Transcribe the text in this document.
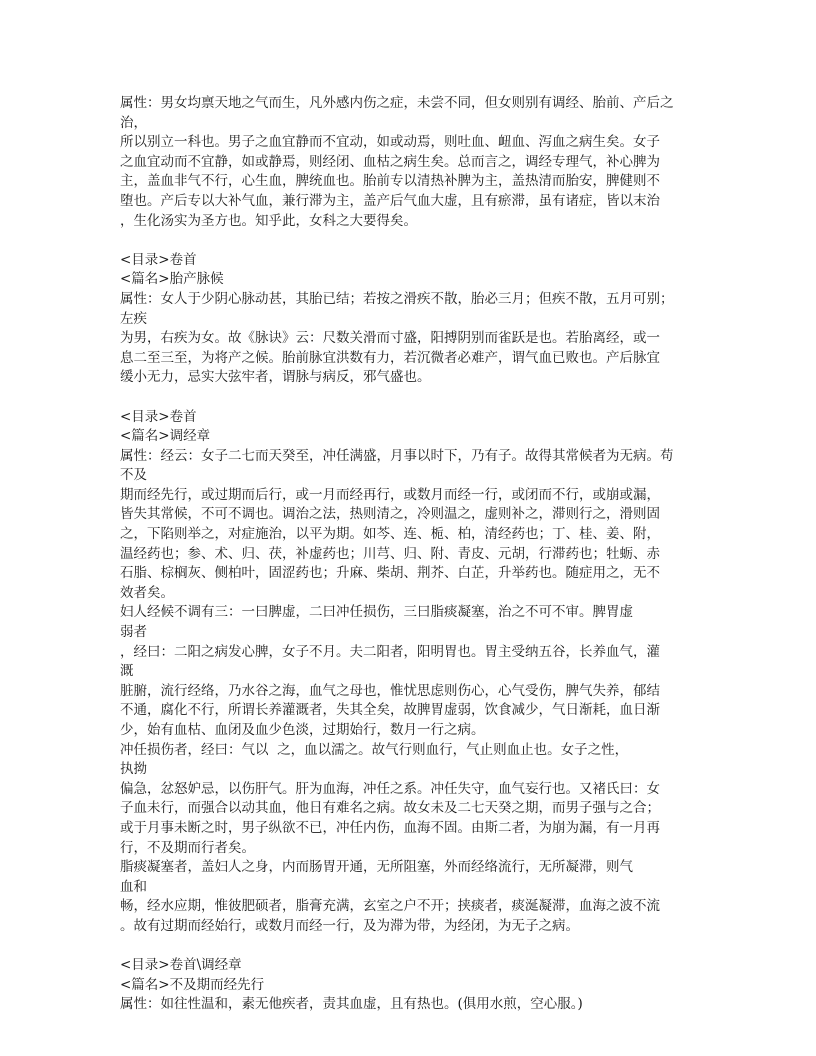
属性：男女均禀天地之气而生，凡外感内伤之症，未尝不同，但女则别有调经、胎前、产后之
治，
所以别立一科也。男子之血宜静而不宜动，如或动焉，则吐血、衄血、泻血之病生矣。女子
之血宜动而不宜静，如或静焉，则经闭、血枯之病生矣。总而言之，调经专理气，补心脾为
主，盖血非气不行，心生血，脾统血也。胎前专以清热补脾为主，盖热清而胎安，脾健则不
堕也。产后专以大补气血，兼行滞为主，盖产后气血大虚，且有瘀滞，虽有诸症，皆以末治
，生化汤实为圣方也。知乎此，女科之大要得矣。
<目录>卷首
<篇名>胎产脉候
属性：女人于少阴心脉动甚，其胎已结；若按之滑疾不散，胎必三月；但疾不散，五月可别；
左疾
为男，右疾为女。故《脉诀》云：尺数关滑而寸盛，阳搏阴别而雀跃是也。若胎离经，或一
息二至三至，为将产之候。胎前脉宜洪数有力，若沉微者必难产，谓气血已败也。产后脉宜
缓小无力，忌实大弦牢者，谓脉与病反，邪气盛也。
<目录>卷首
<篇名>调经章
属性：经云：女子二七而天癸至，冲任满盛，月事以时下，乃有子。故得其常候者为无病。苟
不及
期而经先行，或过期而后行，或一月而经再行，或数月而经一行，或闭而不行，或崩或漏，
皆失其常候，不可不调也。调治之法，热则清之，冷则温之，虚则补之，滞则行之，滑则固
之，下陷则举之，对症施治，以平为期。如芩、连、栀、柏，清经药也；丁、桂、姜、附，
温经药也；参、术、归、茯，补虚药也；川芎、归、附、青皮、元胡，行滞药也；牡蛎、赤
石脂、棕榈灰、侧柏叶，固涩药也；升麻、柴胡、荆芥、白芷，升举药也。随症用之，无不
效者矣。
妇人经候不调有三：一曰脾虚，二曰冲任损伤，三曰脂痰凝塞，治之不可不审。脾胃虚
弱者
，经曰：二阳之病发心脾，女子不月。夫二阳者，阳明胃也。胃主受纳五谷，长养血气，灌
溉
脏腑，流行经络，乃水谷之海，血气之母也，惟忧思虑则伤心，心气受伤，脾气失养，郁结
不通，腐化不行，所谓长养灌溉者，失其全矣，故脾胃虚弱，饮食减少，气日渐耗，血日渐
少，始有血枯、血闭及血少色淡，过期始行，数月一行之病。
冲任损伤者，经曰：气以  之，血以濡之。故气行则血行，气止则血止也。女子之性，
执拗
偏急，忿怒妒忌，以伤肝气。肝为血海，冲任之系。冲任失守，血气妄行也。又褚氏曰：女
子血未行，而强合以动其血，他日有难名之病。故女未及二七天癸之期，而男子强与之合；
或于月事未断之时，男子纵欲不已，冲任内伤，血海不固。由斯二者，为崩为漏，有一月再
行，不及期而行者矣。
脂痰凝塞者，盖妇人之身，内而肠胃开通，无所阻塞，外而经络流行，无所凝滞，则气
血和
畅，经水应期，惟彼肥硕者，脂膏充满，玄室之户不开；挟痰者，痰涎凝滞，血海之波不流
。故有过期而经始行，或数月而经一行，及为滞为带，为经闭，为无子之病。
<目录>卷首\调经章
<篇名>不及期而经先行
属性：如往性温和，素无他疾者，责其血虚，且有热也。(俱用水煎，空心服。)
